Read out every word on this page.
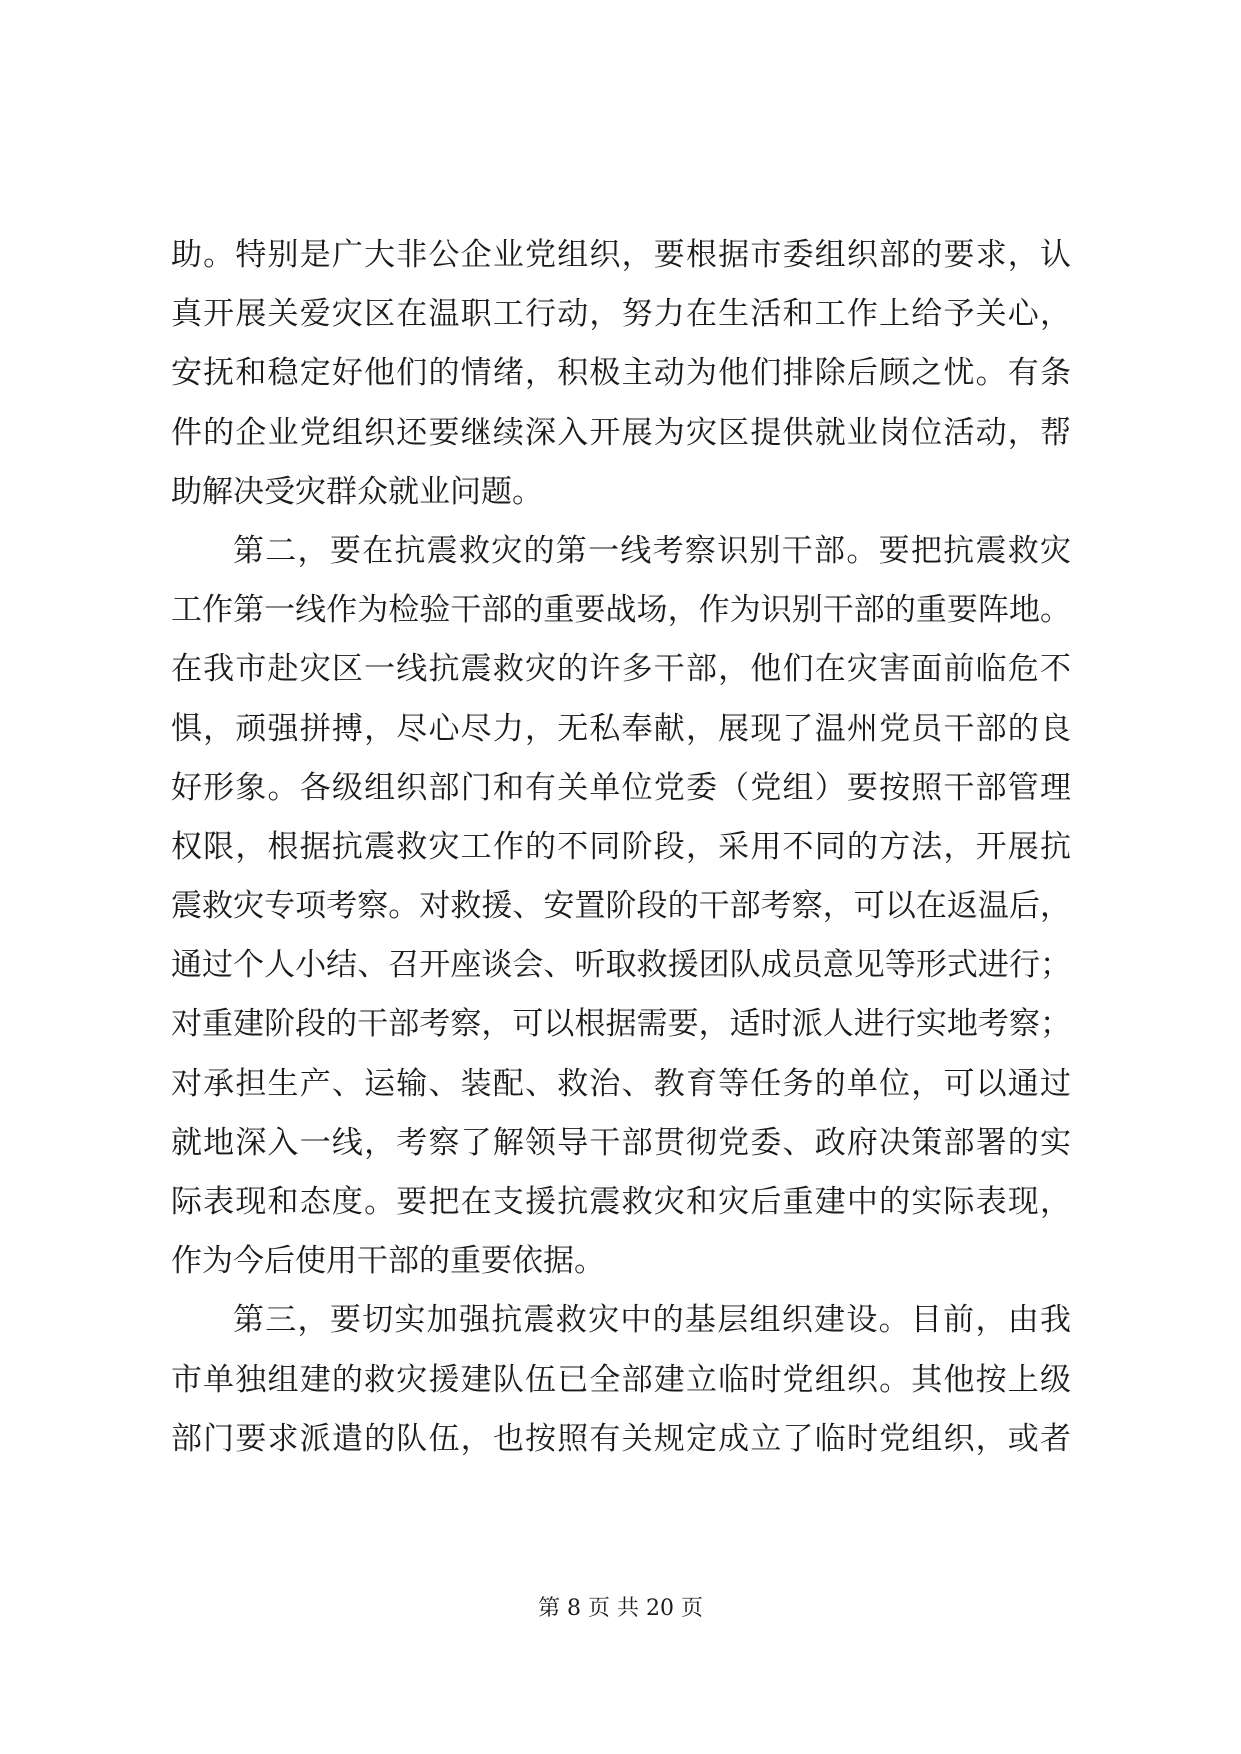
助。特别是广大非公企业党组织，要根据市委组织部的要求，认
真开展关爱灾区在温职工行动，努力在生活和工作上给予关心，
安抚和稳定好他们的情绪，积极主动为他们排除后顾之忧。有条
件的企业党组织还要继续深入开展为灾区提供就业岗位活动，帮
助解决受灾群众就业问题。
第二，要在抗震救灾的第一线考察识别干部。要把抗震救灾
工作第一线作为检验干部的重要战场，作为识别干部的重要阵地。
在我市赴灾区一线抗震救灾的许多干部，他们在灾害面前临危不
惧，顽强拼搏，尽心尽力，无私奉献，展现了温州党员干部的良
好形象。各级组织部门和有关单位党委（党组）要按照干部管理
权限，根据抗震救灾工作的不同阶段，采用不同的方法，开展抗
震救灾专项考察。对救援、安置阶段的干部考察，可以在返温后，
通过个人小结、召开座谈会、听取救援团队成员意见等形式进行；
对重建阶段的干部考察，可以根据需要，适时派人进行实地考察；
对承担生产、运输、装配、救治、教育等任务的单位，可以通过
就地深入一线，考察了解领导干部贯彻党委、政府决策部署的实
际表现和态度。要把在支援抗震救灾和灾后重建中的实际表现，
作为今后使用干部的重要依据。
第三，要切实加强抗震救灾中的基层组织建设。目前，由我
市单独组建的救灾援建队伍已全部建立临时党组织。其他按上级
部门要求派遣的队伍，也按照有关规定成立了临时党组织，或者
第 8 页 共 20 页
